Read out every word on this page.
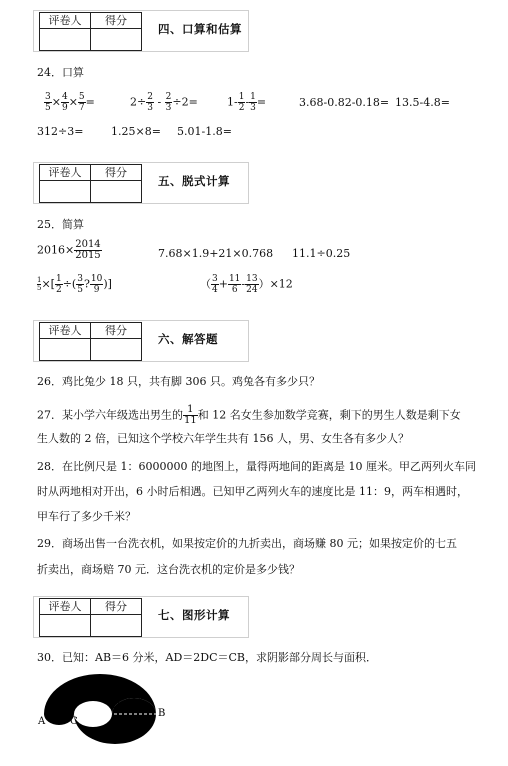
评卷人	得分

四、口算和估算
24．口算
$\frac{3}{5} \times \frac{4}{9} \times \frac{5}{7}$ =	$2\div \frac{2}{3} - \frac{2}{3} \div 2=$	$1- \frac{1}{2} - \frac{1}{3}$ =	3.68-0.82-0.18= 13.5-4.8=
312÷3=	1.25×8= 5.01-1.8=
评卷人	得分

五、脱式计算
25．简算
$2016\times \frac{2014}{2015}$	7.68×1.9+21×0.768 11.1÷0.25
$\frac{1}{5}$ ×[ $\frac{1}{2}$ ÷( $\frac{3}{5}$ ? $\frac{10}{9}$ )]	（ $\frac{3}{4} + \frac{11}{6} - \frac{13}{24} )\times 12$
评卷人	得分

六、解答题
26．鸡比兔少 18 只，共有脚 306 只。鸡兔各有多少只？
27．某小学六年级选出男生的 $\frac{1}{11}$ 和 12 名女生参加数学竞赛，剩下的男生人数是剩下女
生人数的 2 倍，已知这个学校六年学生共有 156 人，男、女生各有多少人？
28．在比例尺是 1：6000000 的地图上，量得两地间的距离是 10 厘米。甲乙两列火车同
时从两地相对开出，6 小时后相遇。已知甲乙两列火车的速度比是 11：9，两车相遇时，
甲车行了多少千米？
29．商场出售一台洗衣机，如果按定价的九折卖出，商场赚 80 元；如果按定价的七五
折卖出，商场赔 70 元．这台洗衣机的定价是多少钱？
评卷人	得分

七、图形计算
30．已知：AB＝6 分米，AD＝2DC＝CB，求阴影部分周长与面积．
A C
D
B
